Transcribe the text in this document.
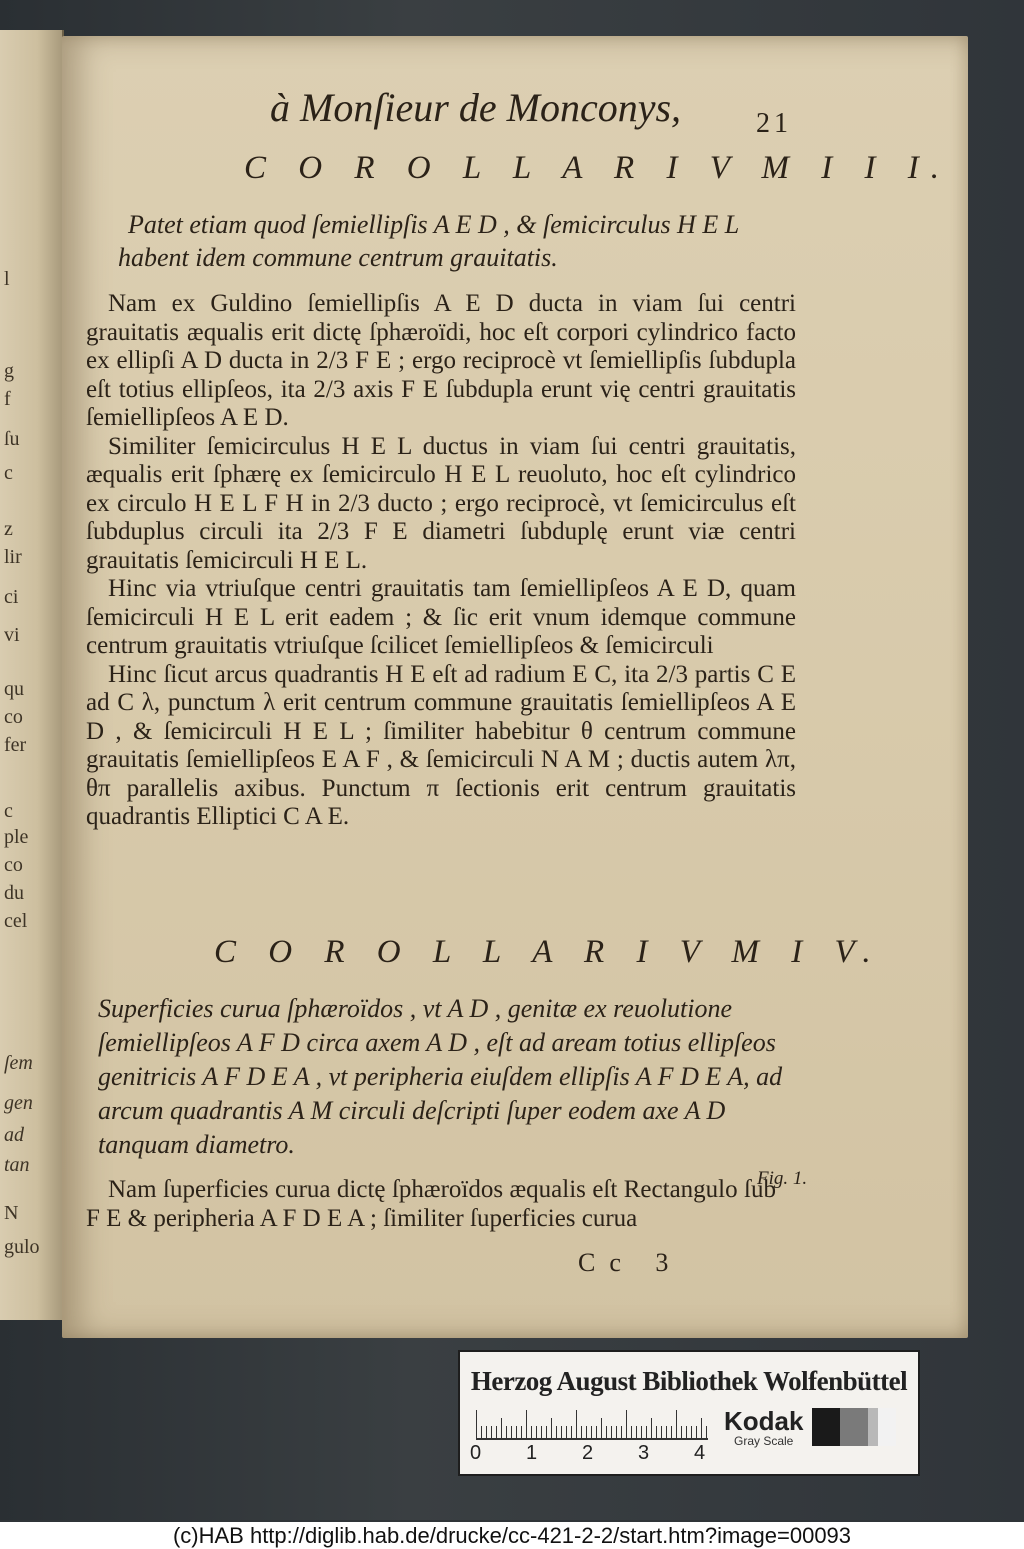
l
g
f
ſu
c
z
lir
ci
vi
qu
co
fer
c
ple
co
du
cel
ſem
gen
ad
tan
N
gulo
à Monſieur de Monconys,	21
C O R O L L A R I V M I I I.
Patet etiam quod ſemiellipſis A E D , & ſemicirculus H E L
habent idem commune centrum grauitatis.

Nam ex Guldino ſemiellipſis A E D ducta in viam ſui centri grauitatis æqualis erit dictę ſphæroïdi, hoc eſt corpori cylindrico facto ex ellipſi A D ducta in 2/3 F E ; ergo reciprocè vt ſemiellipſis ſubdupla eſt totius ellipſeos, ita 2/3 axis F E ſubdupla erunt vię centri grauitatis ſemiellipſeos A E D.

Similiter ſemicirculus H E L ductus in viam ſui centri grauitatis, æqualis erit ſphærę ex ſemicirculo H E L reuoluto, hoc eſt cylindrico ex circulo H E L F H in 2/3 ducto ; ergo reciprocè, vt ſemicirculus eſt ſubduplus circuli ita 2/3 F E diametri ſubduplę erunt viæ centri grauitatis ſemicirculi H E L.

Hinc via vtriuſque centri grauitatis tam ſemiellipſeos A E D, quam ſemicirculi H E L erit eadem ; & ſic erit vnum idemque commune centrum grauitatis vtriuſque ſcilicet ſemiellipſeos & ſemicirculi

Hinc ſicut arcus quadrantis H E eſt ad radium E C, ita 2/3 partis C E ad C λ, punctum λ erit centrum commune grauitatis ſemiellipſeos A E D , & ſemicirculi H E L ; ſimiliter habebitur θ centrum commune grauitatis ſemiellipſeos E A F , & ſemicirculi N A M ; ductis autem λπ, θπ parallelis axibus. Punctum π ſectionis erit centrum grauitatis quadrantis Elliptici C A E.

C O R O L L A R I V M I V.
Superficies curua ſphæroïdos , vt A D , genitæ ex reuolutione ſemiellipſeos A F D circa axem A D , eſt ad aream totius ellipſeos genitricis A F D E A , vt peripheria eiuſdem ellipſis A F D E A, ad arcum quadrantis A M circuli deſcripti ſuper eodem axe A D tanquam diametro.

Nam ſuperficies curua dictę ſphæroïdos æqualis eſt Rectangulo ſub F E & peripheria A F D E A ; ſimiliter ſuperficies curua

Fig. 1.
Cc 3
Herzog August Bibliothek Wolfenbüttel
0 1 2 3 4
Kodak
Gray Scale
(c)HAB http://diglib.hab.de/drucke/cc-421-2-2/start.htm?image=00093
